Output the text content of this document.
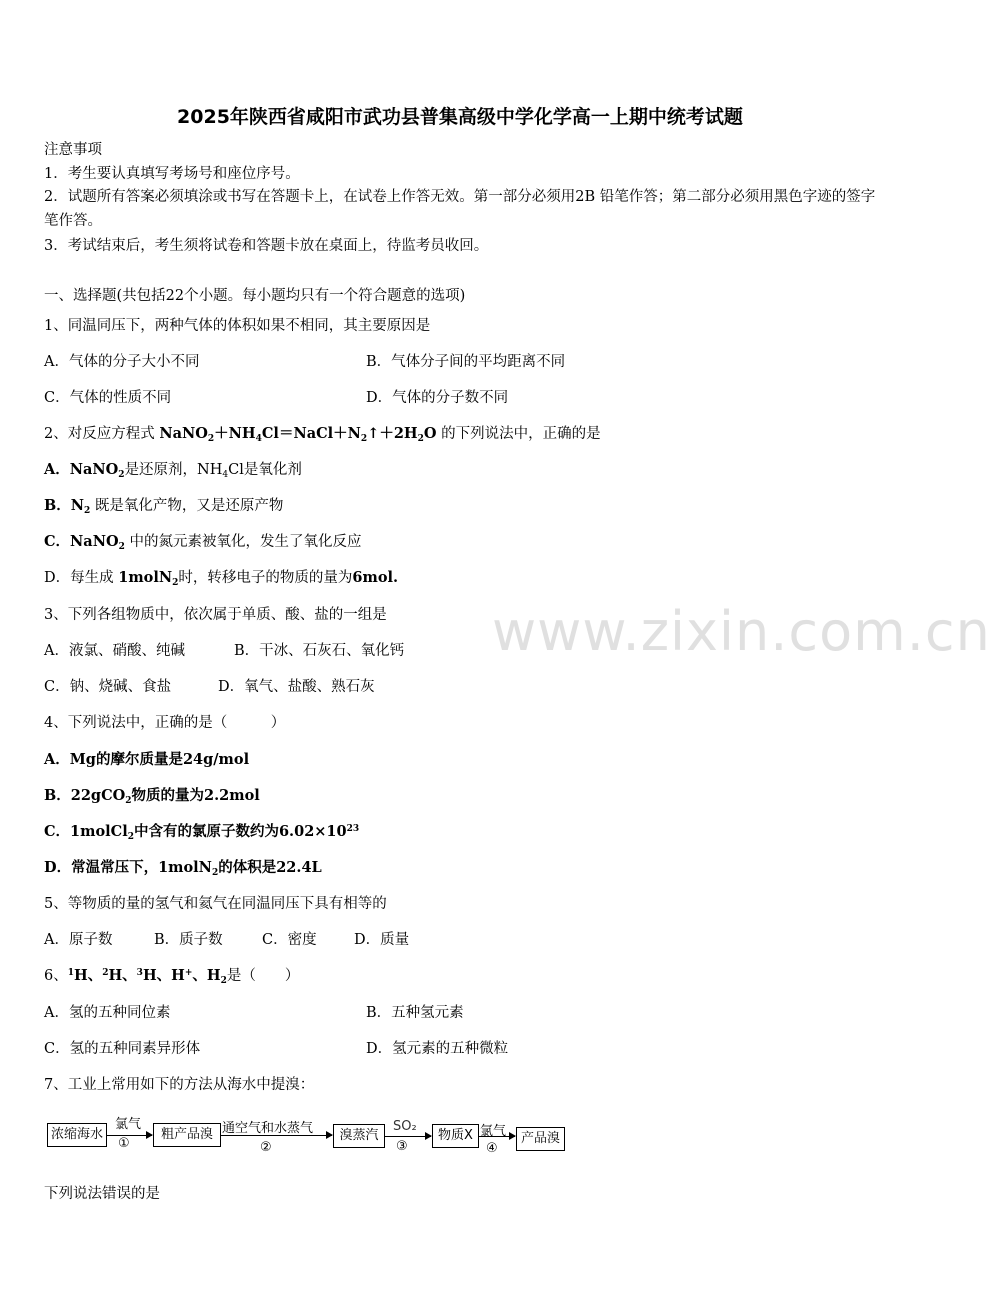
www.zixin.com.cn
2025年陕西省咸阳市武功县普集高级中学化学高一上期中统考试题
注意事项
1．考生要认真填写考场号和座位序号。
2．试题所有答案必须填涂或书写在答题卡上，在试卷上作答无效。第一部分必须用2B 铅笔作答；第二部分必须用黑色字迹的签字笔作答。
3．考试结束后，考生须将试卷和答题卡放在桌面上，待监考员收回。
一、选择题(共包括22个小题。每小题均只有一个符合题意的选项)
1、同温同压下，两种气体的体积如果不相同，其主要原因是
A．气体的分子大小不同	B．气体分子间的平均距离不同
C．气体的性质不同	D．气体的分子数不同
2、对反应方程式 $NaNO_2+NH_4Cl=NaCl+N_2↑+2H_2O$ 的下列说法中，正确的是
A．NaNO$_2$是还原剂，$NH_4Cl$是氧化剂
B．$N_2$ 既是氧化产物，又是还原产物
C．NaNO$_2$ 中的氮元素被氧化，发生了氧化反应
D．每生成 1molN$_2$时，转移电子的物质的量为6mol.
3、下列各组物质中，依次属于单质、酸、盐的一组是
A．液氯、硝酸、纯碱	B．干冰、石灰石、氧化钙
C．钠、烧碱、食盐	D．氧气、盐酸、熟石灰
4、下列说法中，正确的是（　　　）
A．Mg的摩尔质量是24g/mol
B．22gCO$_2$物质的量为2.2mol
C．1molCl$_2$中含有的氯原子数约为$6.02\times 10^{23}$
D．常温常压下，1molN$_2$的体积是22.4L
5、等物质的量的氢气和氦气在同温同压下具有相等的
A．原子数	B．质子数	C．密度	D．质量
6、$^1$H、$^2$H、$^3$H、H+、$H_2$是（　　）
A．氢的五种同位素	B．五种氢元素
C．氢的五种同素异形体	D．氢元素的五种微粒
7、工业上常用如下的方法从海水中提溴：
浓缩海水
氯气
①
粗产品溴 通空气和水蒸气
②
溴蒸汽
SO₂
③
物质X 氯气
④
产品溴
下列说法错误的是
